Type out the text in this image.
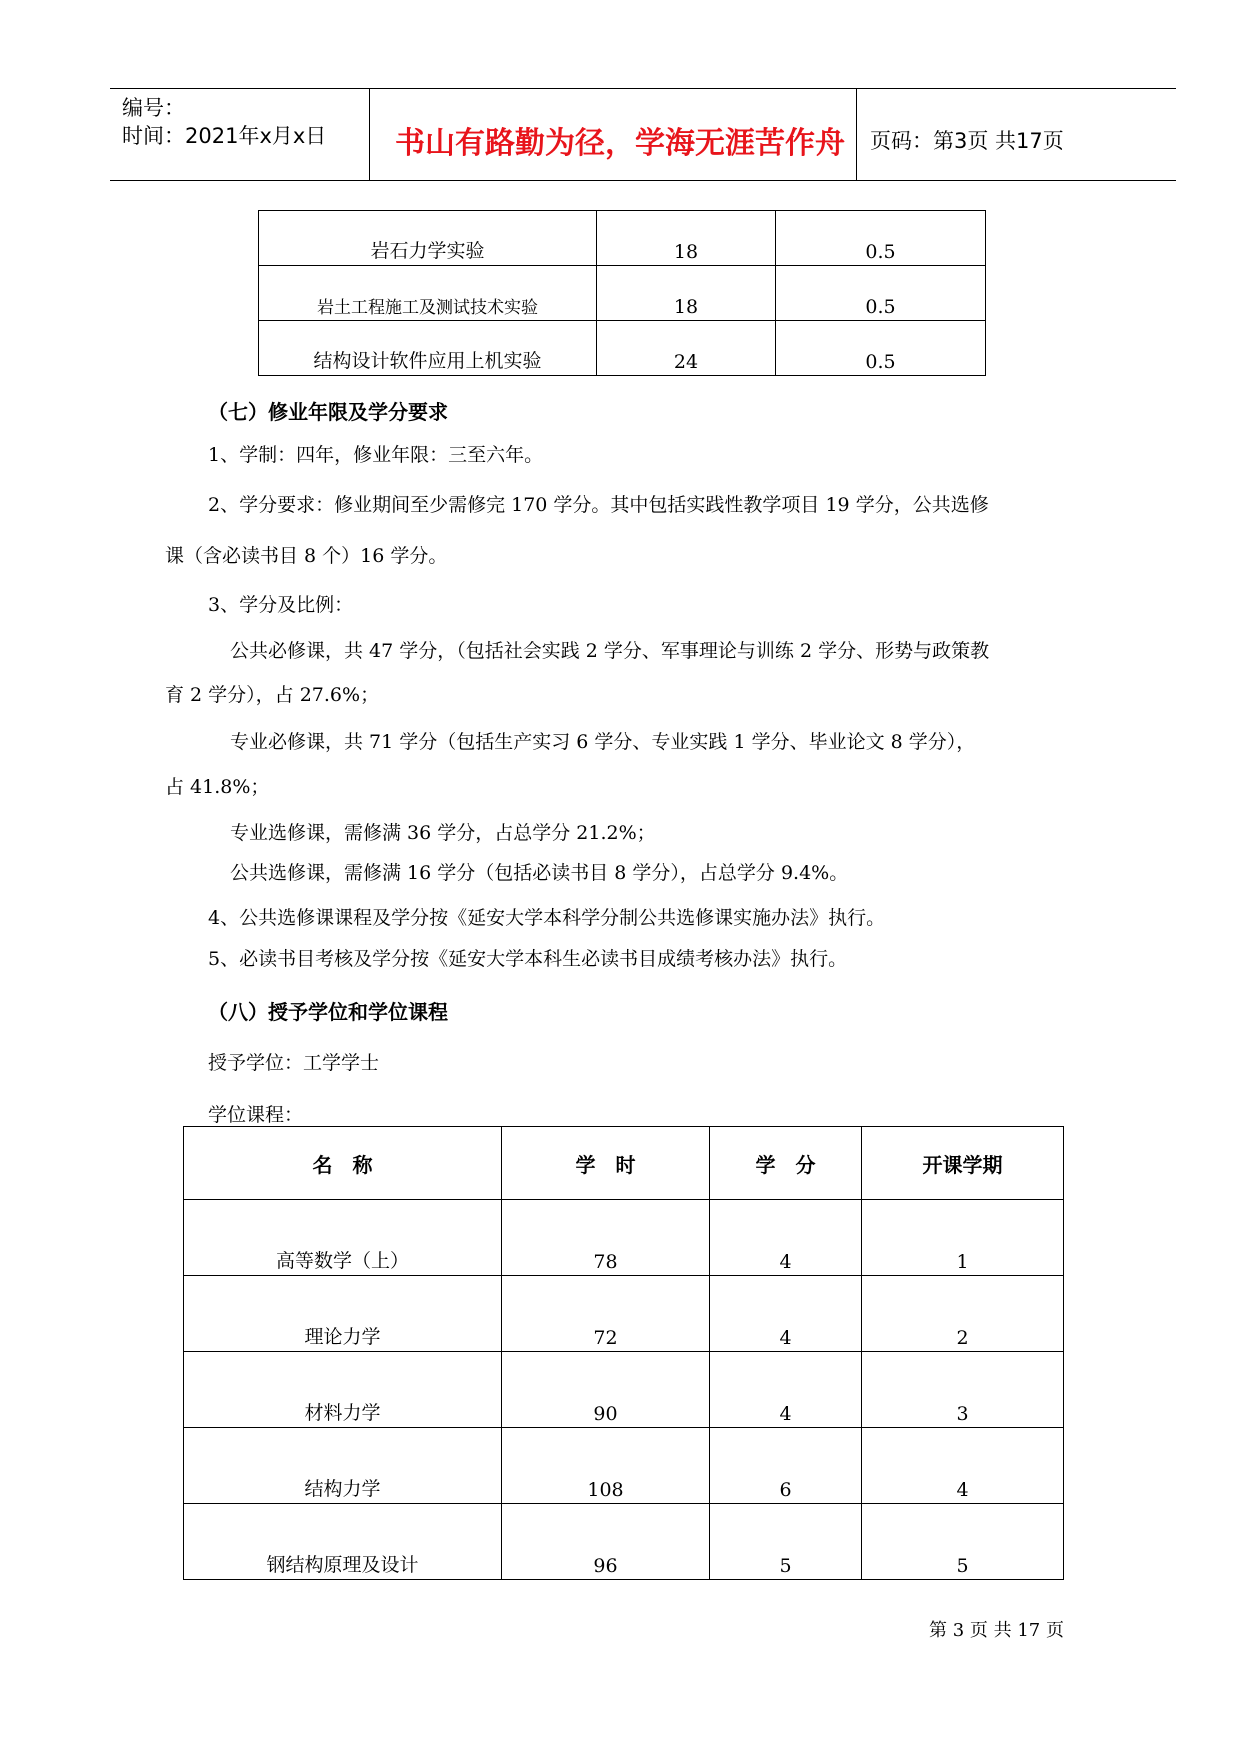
编号：
时间：2021年x月x日 书山有路勤为径，学海无涯苦作舟 页码：第3页 共17页
岩石力学实验	18	0.5
岩土工程施工及测试技术实验	18	0.5
结构设计软件应用上机实验	24	0.5
（七）修业年限及学分要求
1、学制：四年，修业年限：三至六年。
2、学分要求：修业期间至少需修完 170 学分。其中包括实践性教学项目 19 学分，公共选修
课（含必读书目 8 个）16 学分。
3、学分及比例：
公共必修课，共 47 学分，（包括社会实践 2 学分、军事理论与训练 2 学分、形势与政策教
育 2 学分），占 27.6%；
专业必修课，共 71 学分（包括生产实习 6 学分、专业实践 1 学分、毕业论文 8 学分），
占 41.8%；
专业选修课，需修满 36 学分，占总学分 21.2%；
公共选修课，需修满 16 学分（包括必读书目 8 学分），占总学分 9.4%。
4、公共选修课课程及学分按《延安大学本科学分制公共选修课实施办法》执行。
5、必读书目考核及学分按《延安大学本科生必读书目成绩考核办法》执行。
（八）授予学位和学位课程
授予学位：工学学士
学位课程：
名　称	学　时	学　分	开课学期
高等数学（上）	78	4	1
理论力学	72	4	2
材料力学	90	4	3
结构力学	108	6	4
钢结构原理及设计	96	5	5
第 3 页 共 17 页
